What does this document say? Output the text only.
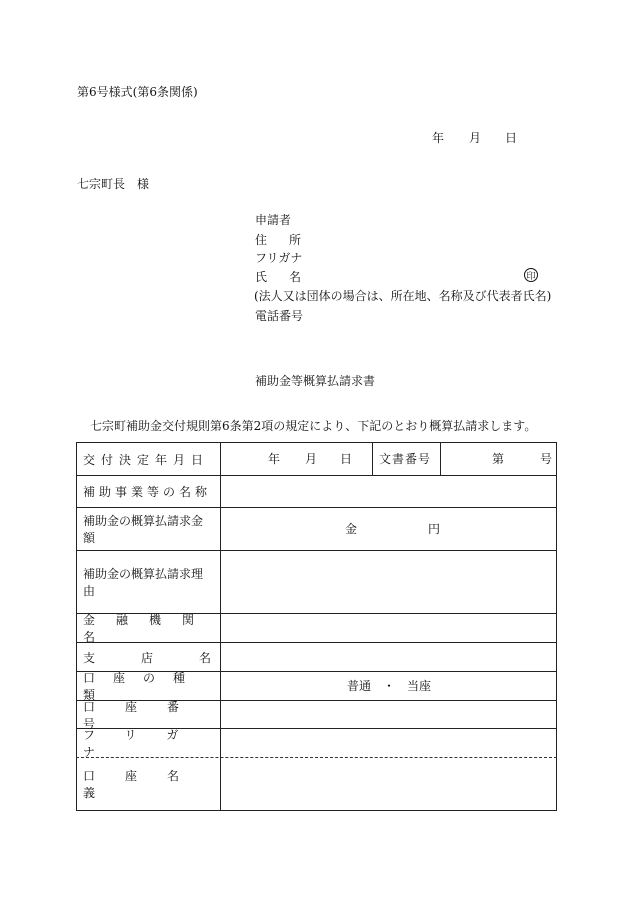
第6号様式(第6条関係)
年 月 日
七宗町長　様
申請者
住所
フリガナ
氏名	印
(法人又は団体の場合は、所在地、名称及び代表者氏名)
電話番号
補助金等概算払請求書
七宗町補助金交付規則第6条第2項の規定により、下記のとおり概算払請求します。
交付決定年月日	年 月 日 文書番号	第	号
補助事業等の名称
補助金の概算払請求金額
金	円
補助金の概算払請求理由
金融機関名
支店名
口座の種類
普通　・　当座
口座番号
フリガナ
口座名義
